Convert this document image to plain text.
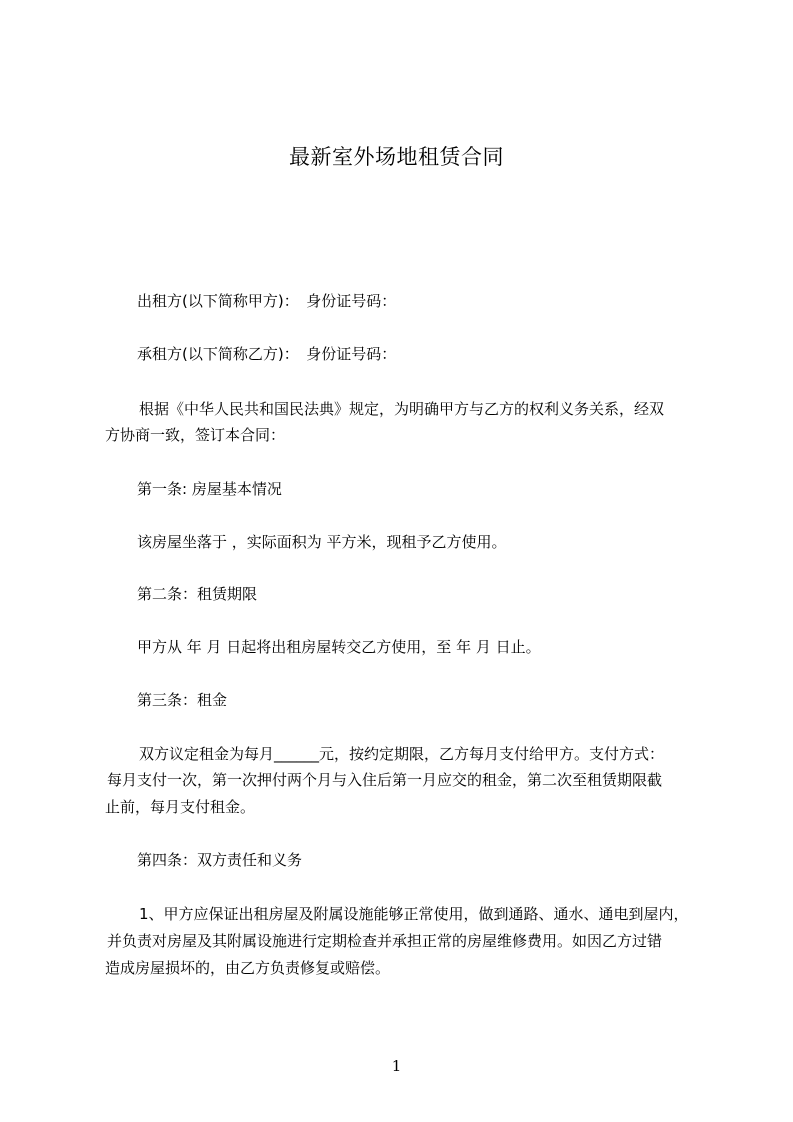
最新室外场地租赁合同
出租方(以下简称甲方)：　身份证号码：
承租方(以下简称乙方)：　身份证号码：
根据《中华人民共和国民法典》规定，为明确甲方与乙方的权利义务关系，经双
方协商一致，签订本合同：
第一条: 房屋基本情况
该房屋坐落于 ，实际面积为 平方米，现租予乙方使用。
第二条：租赁期限
甲方从 年 月 日起将出租房屋转交乙方使用，至 年 月 日止。
第三条：租金
双方议定租金为每月______元，按约定期限，乙方每月支付给甲方。支付方式：
每月支付一次，第一次押付两个月与入住后第一月应交的租金，第二次至租赁期限截
止前，每月支付租金。
第四条：双方责任和义务
1、甲方应保证出租房屋及附属设施能够正常使用，做到通路、通水、通电到屋内，
并负责对房屋及其附属设施进行定期检查并承担正常的房屋维修费用。如因乙方过错
造成房屋损坏的，由乙方负责修复或赔偿。
1
